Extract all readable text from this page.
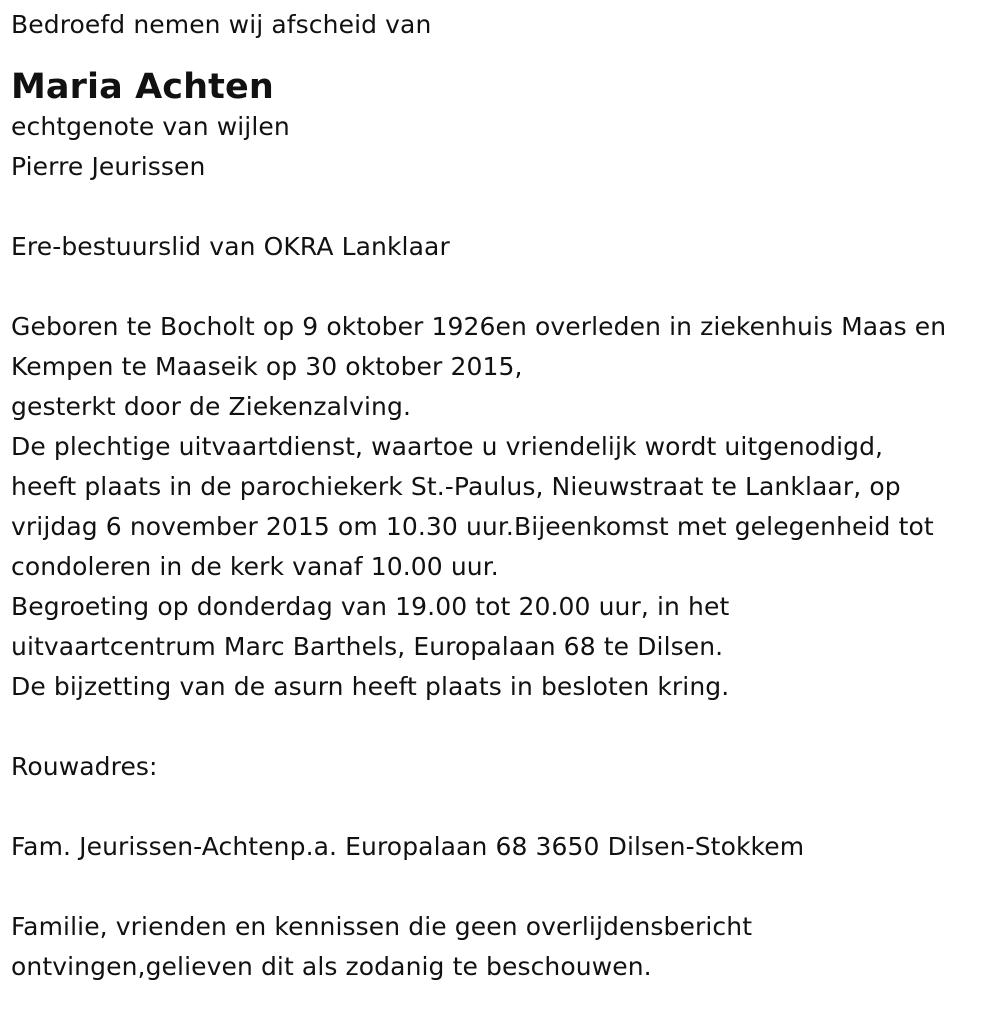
Bedroefd nemen wij afscheid van
Maria Achten
echtgenote van wijlen
Pierre Jeurissen
Ere-bestuurslid van OKRA Lanklaar
Geboren te Bocholt op 9 oktober 1926en overleden in ziekenhuis Maas en
Kempen te Maaseik op 30 oktober 2015,
gesterkt door de Ziekenzalving.
De plechtige uitvaartdienst, waartoe u vriendelijk wordt uitgenodigd,
heeft plaats in de parochiekerk St.-Paulus, Nieuwstraat te Lanklaar, op
vrijdag 6 november 2015 om 10.30 uur.Bijeenkomst met gelegenheid tot
condoleren in de kerk vanaf 10.00 uur.
Begroeting op donderdag van 19.00 tot 20.00 uur, in het
uitvaartcentrum Marc Barthels, Europalaan 68 te Dilsen.
De bijzetting van de asurn heeft plaats in besloten kring.
Rouwadres:
Fam. Jeurissen-Achtenp.a. Europalaan 68 3650 Dilsen-Stokkem
Familie, vrienden en kennissen die geen overlijdensbericht
ontvingen,gelieven dit als zodanig te beschouwen.
